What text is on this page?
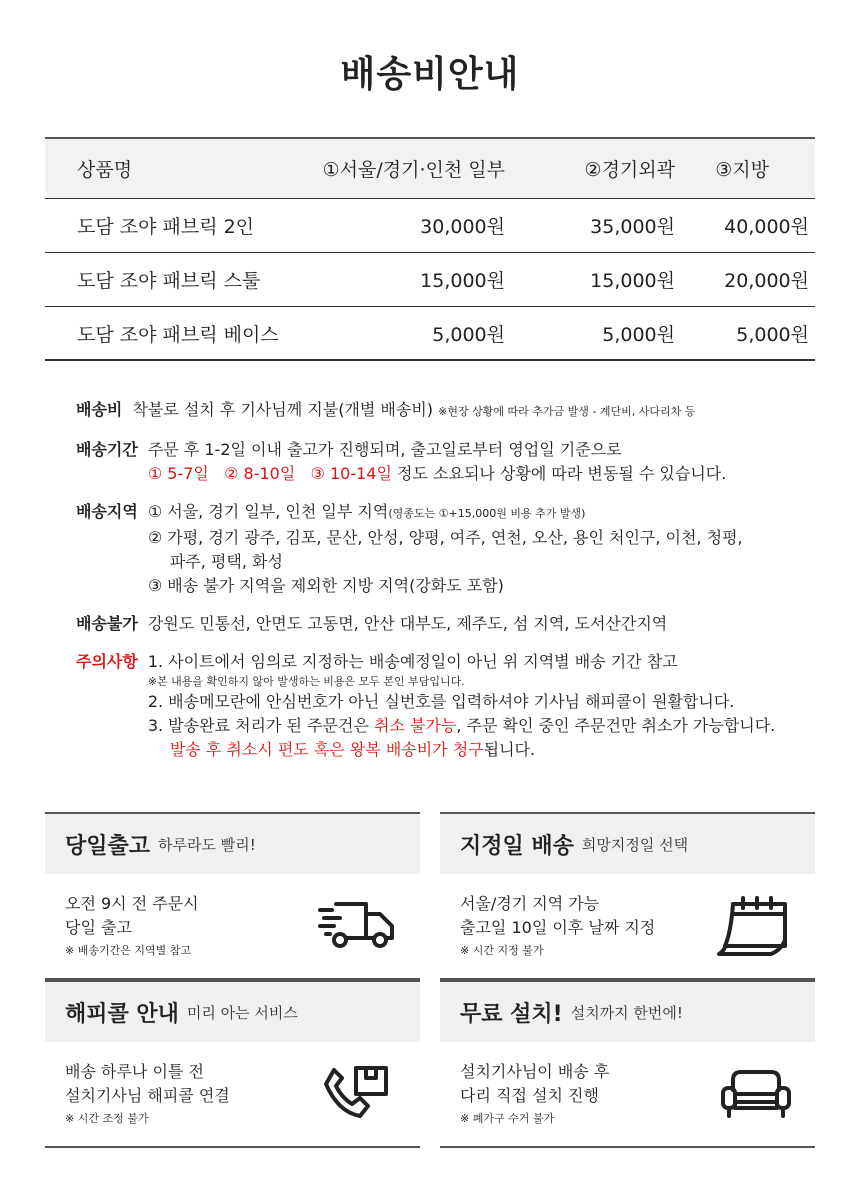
배송비안내
상품명	①서울/경기·인천 일부	②경기외곽	③지방
도담 조야 패브릭 2인	30,000원	35,000원	40,000원
도담 조야 패브릭 스툴	15,000원	15,000원	20,000원
도담 조야 패브릭 베이스	5,000원	5,000원	5,000원
배송비 착불로 설치 후 기사님께 지불(개별 배송비) ※현장 상황에 따라 추가금 발생 - 계단비, 사다리차 등
배송기간 주문 후 1-2일 이내 출고가 진행되며, 출고일로부터 영업일 기준으로
① 5-7일   ② 8-10일   ③ 10-14일 정도 소요되나 상황에 따라 변동될 수 있습니다.
배송지역 ① 서울, 경기 일부, 인천 일부 지역(영종도는 ①+15,000원 비용 추가 발생)
② 가평, 경기 광주, 김포, 문산, 안성, 양평, 여주, 연천, 오산, 용인 처인구, 이천, 청평,
파주, 평택, 화성
③ 배송 불가 지역을 제외한 지방 지역(강화도 포함)
배송불가 강원도 민통선, 안면도 고동면, 안산 대부도, 제주도, 섬 지역, 도서산간지역
주의사항 1. 사이트에서 임의로 지정하는 배송예정일이 아닌 위 지역별 배송 기간 참고
※본 내용을 확인하지 않아 발생하는 비용은 모두 본인 부담입니다.
2. 배송메모란에 안심번호가 아닌 실번호를 입력하셔야 기사님 해피콜이 원활합니다.
3. 발송완료 처리가 된 주문건은 취소 불가능, 주문 확인 중인 주문건만 취소가 가능합니다.
발송 후 취소시 편도 혹은 왕복 배송비가 청구됩니다.
당일출고 하루라도 빨리!
오전 9시 전 주문시
당일 출고
※ 배송기간은 지역별 참고
지정일 배송 희망지정일 선택
서울/경기 지역 가능
출고일 10일 이후 날짜 지정
※ 시간 지정 불가
해피콜 안내 미리 아는 서비스
배송 하루나 이틀 전
설치기사님 해피콜 연결
※ 시간 조정 불가
무료 설치! 설치까지 한번에!
설치기사님이 배송 후
다리 직접 설치 진행
※ 폐가구 수거 불가
